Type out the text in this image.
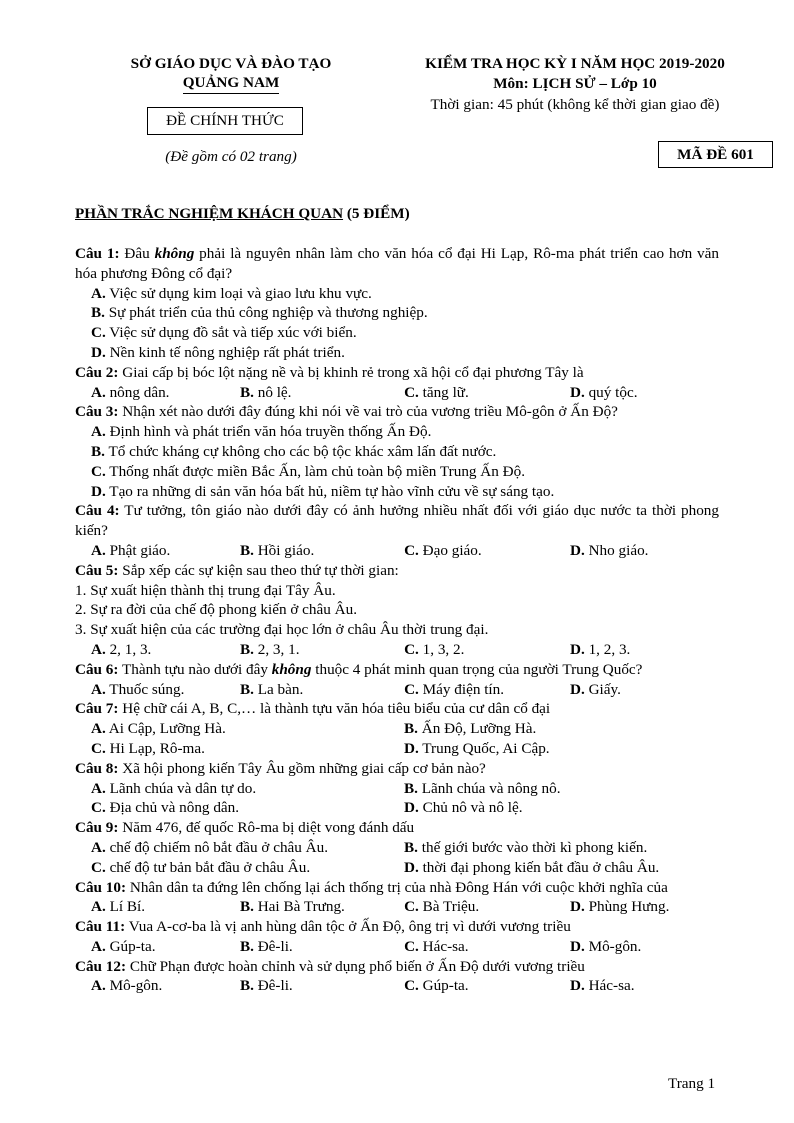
SỞ GIÁO DỤC VÀ ĐÀO TẠO
QUẢNG NAM
ĐỀ CHÍNH THỨC
(Đề gồm có 02 trang)
KIỂM TRA HỌC KỲ I NĂM HỌC 2019-2020
Môn: LỊCH SỬ – Lớp 10
Thời gian: 45 phút (không kể thời gian giao đề)
MÃ ĐỀ 601
PHẦN TRẮC NGHIỆM KHÁCH QUAN (5 ĐIỂM)
Câu 1: Đâu không phải là nguyên nhân làm cho văn hóa cổ đại Hi Lạp, Rô-ma phát triển cao hơn văn hóa phương Đông cổ đại?
A. Việc sử dụng kim loại và giao lưu khu vực.
B. Sự phát triển của thủ công nghiệp và thương nghiệp.
C. Việc sử dụng đồ sắt và tiếp xúc với biển.
D. Nền kinh tế nông nghiệp rất phát triển.
Câu 2: Giai cấp bị bóc lột nặng nề và bị khinh rẻ trong xã hội cổ đại phương Tây là
A. nông dân.	B. nô lệ.	C. tăng lữ.	D. quý tộc.
Câu 3: Nhận xét nào dưới đây đúng khi nói về vai trò của vương triều Mô-gôn ở Ấn Độ?
A. Định hình và phát triển văn hóa truyền thống Ấn Độ.
B. Tổ chức kháng cự không cho các bộ tộc khác xâm lấn đất nước.
C. Thống nhất được miền Bắc Ấn, làm chủ toàn bộ miền Trung Ấn Độ.
D. Tạo ra những di sản văn hóa bất hủ, niềm tự hào vĩnh cửu về sự sáng tạo.
Câu 4: Tư tưởng, tôn giáo nào dưới đây có ảnh hưởng nhiều nhất đối với giáo dục nước ta thời phong kiến?
A. Phật giáo.	B. Hồi giáo.	C. Đạo giáo.	D. Nho giáo.
Câu 5: Sắp xếp các sự kiện sau theo thứ tự thời gian:
1. Sự xuất hiện thành thị trung đại Tây Âu.
2. Sự ra đời của chế độ phong kiến ở châu Âu.
3. Sự xuất hiện của các trường đại học lớn ở châu Âu thời trung đại.
A. 2, 1, 3.	B. 2, 3, 1.	C. 1, 3, 2.	D. 1, 2, 3.
Câu 6: Thành tựu nào dưới đây không thuộc 4 phát minh quan trọng của người Trung Quốc?
A. Thuốc súng.	B. La bàn.	C. Máy điện tín.	D. Giấy.
Câu 7: Hệ chữ cái A, B, C,… là thành tựu văn hóa tiêu biểu của cư dân cổ đại
A. Ai Cập, Lưỡng Hà.	B. Ấn Độ, Lưỡng Hà.
C. Hi Lạp, Rô-ma.	D. Trung Quốc, Ai Cập.
Câu 8: Xã hội phong kiến Tây Âu gồm những giai cấp cơ bản nào?
A. Lãnh chúa và dân tự do.	B. Lãnh chúa và nông nô.
C. Địa chủ và nông dân.	D. Chủ nô và nô lệ.
Câu 9: Năm 476, đế quốc Rô-ma bị diệt vong đánh dấu
A. chế độ chiếm nô bắt đầu ở châu Âu.	B. thế giới bước vào thời kì phong kiến.
C. chế độ tư bản bắt đầu ở châu Âu.	D. thời đại phong kiến bắt đầu ở châu Âu.
Câu 10: Nhân dân ta đứng lên chống lại ách thống trị của nhà Đông Hán với cuộc khởi nghĩa của
A. Lí Bí.	B. Hai Bà Trưng.	C. Bà Triệu.	D. Phùng Hưng.
Câu 11: Vua A-cơ-ba là vị anh hùng dân tộc ở Ấn Độ, ông trị vì dưới vương triều
A. Gúp-ta.	B. Đê-li.	C. Hác-sa.	D. Mô-gôn.
Câu 12: Chữ Phạn được hoàn chỉnh và sử dụng phổ biến ở Ấn Độ dưới vương triều
A. Mô-gôn.	B. Đê-li.	C. Gúp-ta.	D. Hác-sa.
Trang 1
